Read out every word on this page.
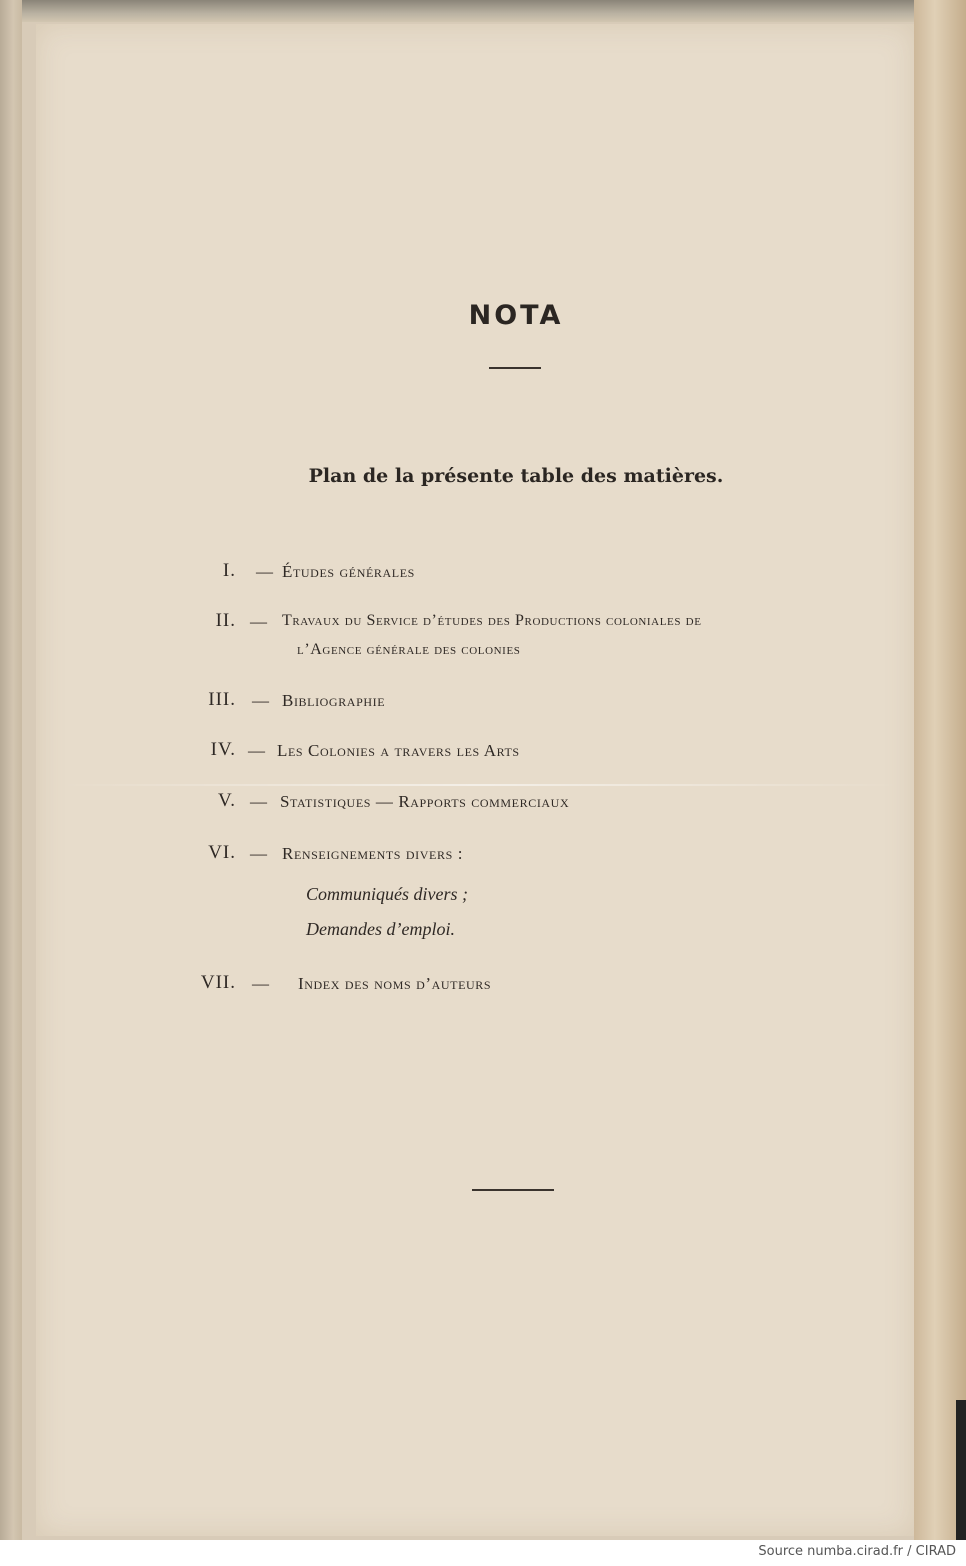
NOTA
Plan de la présente table des matières.
I. — Études générales
II. — Travaux du Service d’études des Productions coloniales de
l’Agence générale des colonies
III. — Bibliographie
IV. — Les Colonies a travers les Arts
V. — Statistiques — Rapports commerciaux
VI. — Renseignements divers :
Communiqués divers ;
Demandes d’emploi.
VII. — Index des noms d’auteurs
Source numba.cirad.fr / CIRAD
